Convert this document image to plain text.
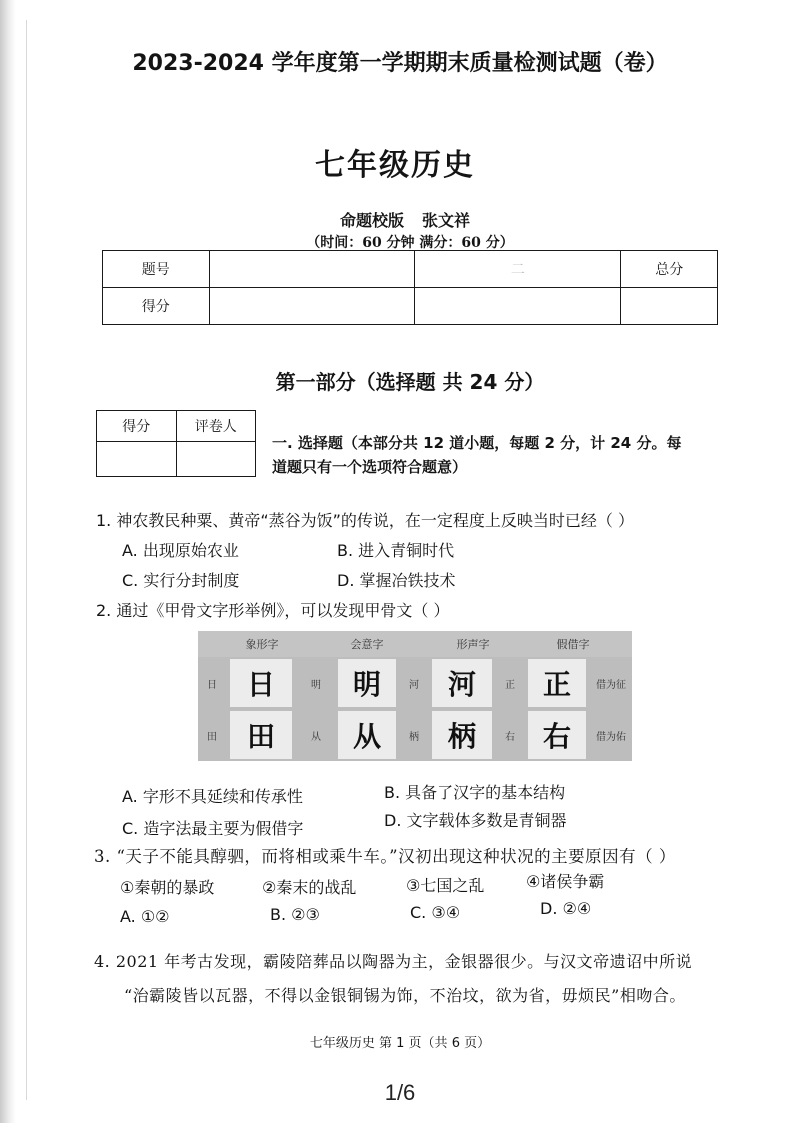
2023-2024 学年度第一学期期末质量检测试题（卷）
七年级历史
命题校版 张文祥
（时间：60 分钟 满分：60 分）
题号		二	总分
得分			
第一部分（选择题 共 24 分）
得分	评卷人

一. 选择题（本部分共 12 道小题，每题 2 分，计 24 分。每
道题只有一个选项符合题意）
1. 神农教民种粟、黄帝“蒸谷为饭”的传说，在一定程度上反映当时已经（ ）
A. 出现原始农业	B. 进入青铜时代
C. 实行分封制度	D. 掌握冶铁技术
2. 通过《甲骨文字形举例》，可以发现甲骨文（ ）
象形字	会意字	形声字	假借字
日	日	明	明	河	河	正 正	借为征
田	田	从	从	柄	柄	右 右	借为佑
A. 字形不具延续和传承性	B. 具备了汉字的基本结构
C. 造字法最主要为假借字	D. 文字载体多数是青铜器
3. “天子不能具醇驷，而将相或乘牛车。”汉初出现这种状况的主要原因有（ ）
①秦朝的暴政	②秦末的战乱	③七国之乱	④诸侯争霸
A. ①②	B. ②③	C. ③④	D. ②④
4. 2021 年考古发现，霸陵陪葬品以陶器为主，金银器很少。与汉文帝遗诏中所说
“治霸陵皆以瓦器，不得以金银铜锡为饰，不治坟，欲为省，毋烦民”相吻合。
七年级历史 第 1 页（共 6 页）
1/6
